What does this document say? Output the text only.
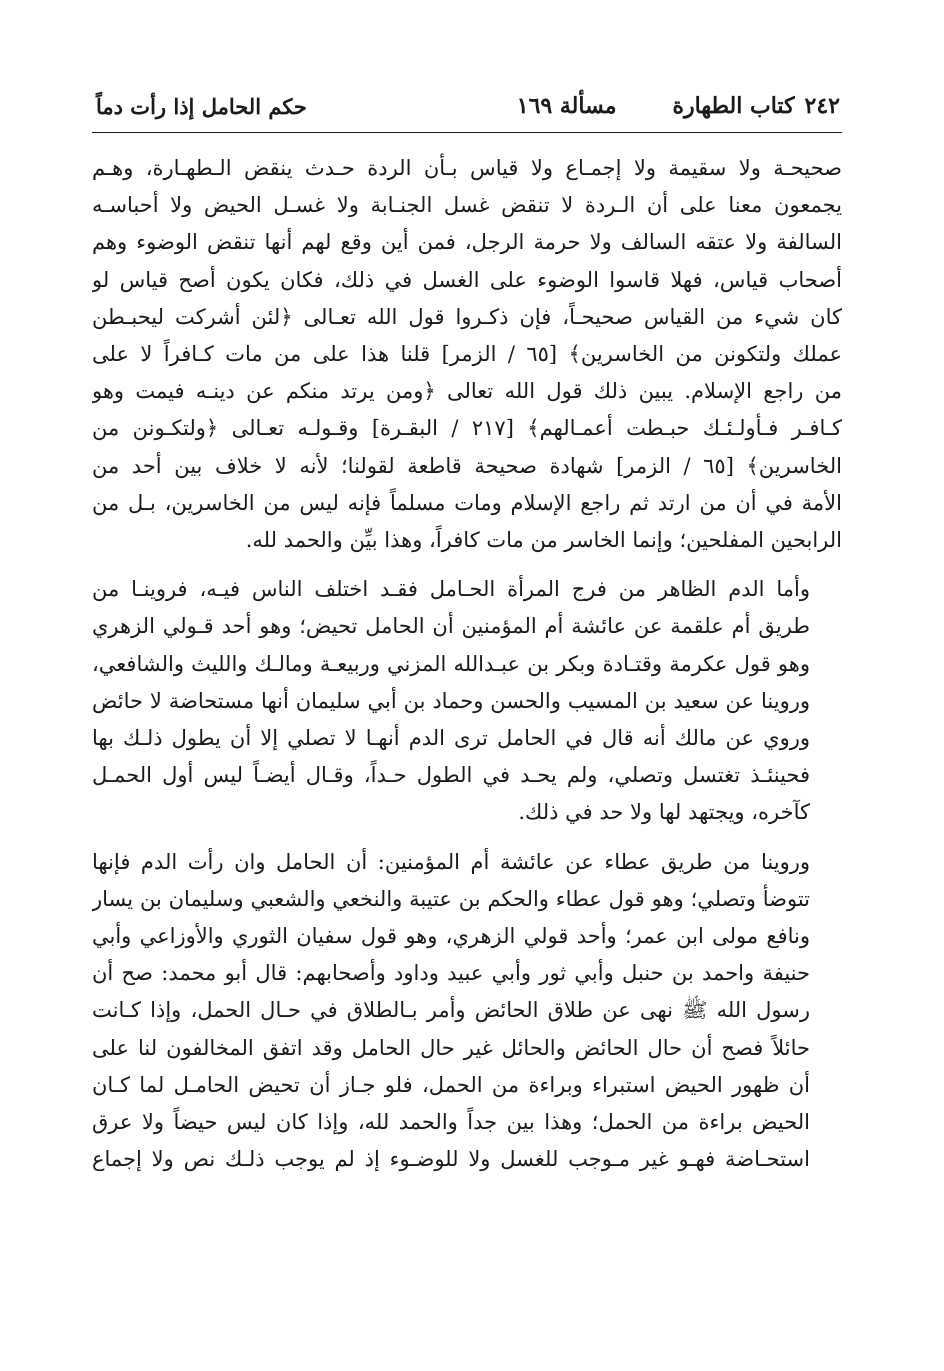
٢٤٢
كتاب الطهارة
مسألة ١٦٩
حكم الحامل إذا رأت دماً
صحيحـة ولا سقيمة ولا إجمـاع ولا قياس بـأن الردة حـدث ينقض الـطهـارة، وهـم
يجمعون معنا على أن الـردة لا تنقض غسل الجنـابة ولا غسـل الحيض ولا أحباسـه
السالفة ولا عتقه السالف ولا حرمة الرجل، فمن أين وقع لهم أنها تنقض الوضوء وهم
أصحاب قياس، فهلا قاسوا الوضوء على الغسل في ذلك، فكان يكون أصح قياس لو
كان شيء من القياس صحيحـاً، فإن ذكـروا قول الله تعـالى ﴿لئن أشركت ليحبـطن
عملك ولتكونن من الخاسرين﴾ [٦٥ / الزمر] قلنا هذا على من مات كـافراً لا على
من راجع الإسلام. يبين ذلك قول الله تعالى ﴿ومن يرتد منكم عن دينـه فيمت وهو
كـافـر فـأولـئـك حبـطت أعمـالهم﴾ [٢١٧ / البقـرة] وقـولـه تعـالى ﴿ولتكـونن من
الخاسرين﴾ [٦٥ / الزمر] شهادة صحيحة قاطعة لقولنا؛ لأنه لا خلاف بين أحد من
الأمة في أن من ارتد ثم راجع الإسلام ومات مسلماً فإنه ليس من الخاسرين، بـل من
الرابحين المفلحين؛ وإنما الخاسر من مات كافراً، وهذا بيِّن والحمد لله.
وأما الدم الظاهر من فرج المرأة الحـامل فقـد اختلف الناس فيـه، فروينـا من
طريق أم علقمة عن عائشة أم المؤمنين أن الحامل تحيض؛ وهو أحد قـولي الزهري
وهو قول عكرمة وقتـادة وبكر بن عبـدالله المزني وربيعـة ومالـك والليث والشافعي،
وروينا عن سعيد بن المسيب والحسن وحماد بن أبي سليمان أنها مستحاضة لا حائض
وروي عن مالك أنه قال في الحامل ترى الدم أنهـا لا تصلي إلا أن يطول ذلـك بها
فحينئـذ تغتسل وتصلي، ولم يحـد في الطول حـداً، وقـال أيضـاً ليس أول الحمـل
كآخره، ويجتهد لها ولا حد في ذلك.
وروينا من طريق عطاء عن عائشة أم المؤمنين: أن الحامل وان رأت الدم فإنها
تتوضأ وتصلي؛ وهو قول عطاء والحكم بن عتيبة والنخعي والشعبي وسليمان بن يسار
ونافع مولى ابن عمر؛ وأحد قولي الزهري، وهو قول سفيان الثوري والأوزاعي وأبي
حنيفة واحمد بن حنبل وأبي ثور وأبي عبيد وداود وأصحابهم: قال أبو محمد: صح أن
رسول الله ﷺ نهى عن طلاق الحائض وأمر بـالطلاق في حـال الحمل، وإذا كـانت
حائلاً فصح أن حال الحائض والحائل غير حال الحامل وقد اتفق المخالفون لنا على
أن ظهور الحيض استبراء وبراءة من الحمل، فلو جـاز أن تحيض الحامـل لما كـان
الحيض براءة من الحمل؛ وهذا بين جداً والحمد لله، وإذا كان ليس حيضاً ولا عرق
استحـاضة فهـو غير مـوجب للغسل ولا للوضـوء إذ لم يوجب ذلـك نص ولا إجماع
